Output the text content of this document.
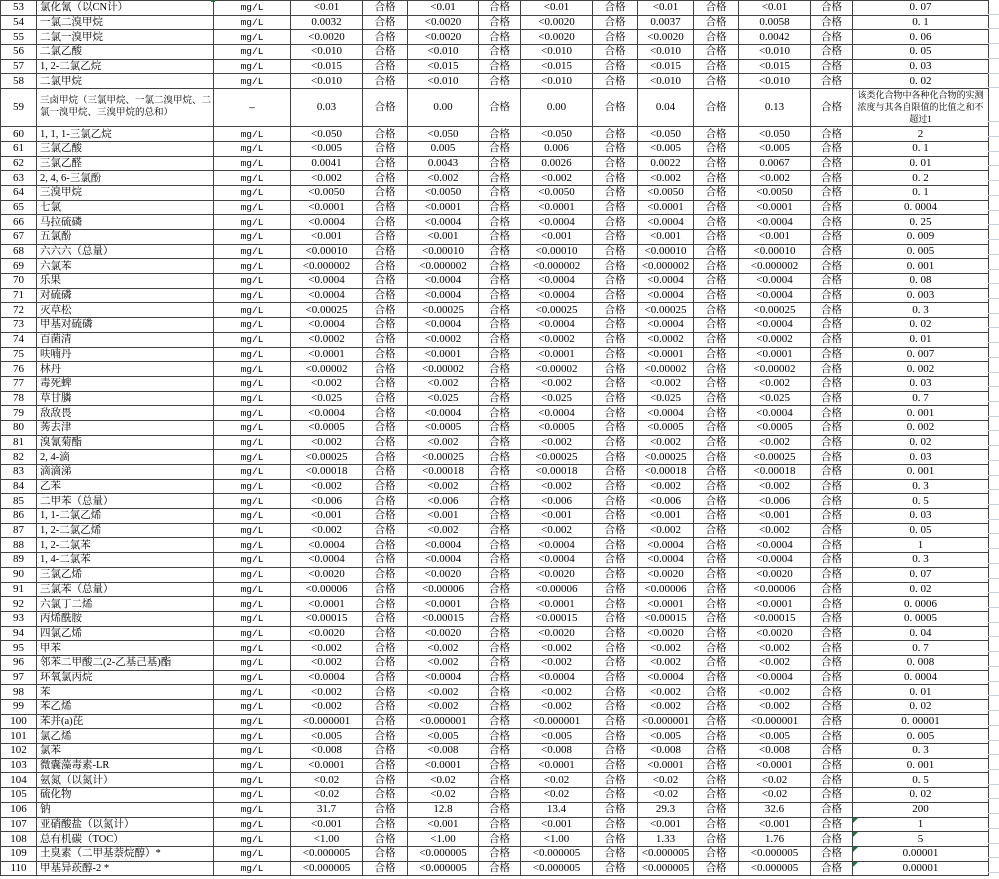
53	氯化氰（以CN计）	mg/L	<0.01	合格	<0.01	合格	<0.01	合格	<0.01	合格	<0.01	合格	0. 07
54	一氯二溴甲烷	mg/L	0.0032	合格	<0.0020	合格	<0.0020	合格	0.0037	合格	0.0058	合格	0. 1
55	二氯一溴甲烷	mg/L	<0.0020	合格	<0.0020	合格	<0.0020	合格	<0.0020	合格	0.0042	合格	0. 06
56	二氯乙酸	mg/L	<0.010	合格	<0.010	合格	<0.010	合格	<0.010	合格	<0.010	合格	0. 05
57	1, 2-二氯乙烷	mg/L	<0.015	合格	<0.015	合格	<0.015	合格	<0.015	合格	<0.015	合格	0. 03
58	二氯甲烷	mg/L	<0.010	合格	<0.010	合格	<0.010	合格	<0.010	合格	<0.010	合格	0. 02
59	三卤甲烷（三氯甲烷、一氯二溴甲烷、二氯一溴甲烷、三溴甲烷的总和）	—	0.03	合格	0.00	合格	0.00	合格	0.04	合格	0.13	合格	该类化合物中各种化合物的实测浓度与其各自限值的比值之和不超过1
60	1, 1, 1-三氯乙烷	mg/L	<0.050	合格	<0.050	合格	<0.050	合格	<0.050	合格	<0.050	合格	2
61	三氯乙酸	mg/L	<0.005	合格	0.005	合格	0.006	合格	<0.005	合格	<0.005	合格	0. 1
62	三氯乙醛	mg/L	0.0041	合格	0.0043	合格	0.0026	合格	0.0022	合格	0.0067	合格	0. 01
63	2, 4, 6-三氯酚	mg/L	<0.002	合格	<0.002	合格	<0.002	合格	<0.002	合格	<0.002	合格	0. 2
64	三溴甲烷	mg/L	<0.0050	合格	<0.0050	合格	<0.0050	合格	<0.0050	合格	<0.0050	合格	0. 1
65	七氯	mg/L	<0.0001	合格	<0.0001	合格	<0.0001	合格	<0.0001	合格	<0.0001	合格	0. 0004
66	马拉硫磷	mg/L	<0.0004	合格	<0.0004	合格	<0.0004	合格	<0.0004	合格	<0.0004	合格	0. 25
67	五氯酚	mg/L	<0.001	合格	<0.001	合格	<0.001	合格	<0.001	合格	<0.001	合格	0. 009
68	六六六（总量）	mg/L	<0.00010	合格	<0.00010	合格	<0.00010	合格	<0.00010	合格	<0.00010	合格	0. 005
69	六氯苯	mg/L	<0.000002	合格	<0.000002	合格	<0.000002	合格	<0.000002	合格	<0.000002	合格	0. 001
70	乐果	mg/L	<0.0004	合格	<0.0004	合格	<0.0004	合格	<0.0004	合格	<0.0004	合格	0. 08
71	对硫磷	mg/L	<0.0004	合格	<0.0004	合格	<0.0004	合格	<0.0004	合格	<0.0004	合格	0. 003
72	灭草松	mg/L	<0.00025	合格	<0.00025	合格	<0.00025	合格	<0.00025	合格	<0.00025	合格	0. 3
73	甲基对硫磷	mg/L	<0.0004	合格	<0.0004	合格	<0.0004	合格	<0.0004	合格	<0.0004	合格	0. 02
74	百菌清	mg/L	<0.0002	合格	<0.0002	合格	<0.0002	合格	<0.0002	合格	<0.0002	合格	0. 01
75	呋喃丹	mg/L	<0.0001	合格	<0.0001	合格	<0.0001	合格	<0.0001	合格	<0.0001	合格	0. 007
76	林丹	mg/L	<0.00002	合格	<0.00002	合格	<0.00002	合格	<0.00002	合格	<0.00002	合格	0. 002
77	毒死蜱	mg/L	<0.002	合格	<0.002	合格	<0.002	合格	<0.002	合格	<0.002	合格	0. 03
78	草甘膦	mg/L	<0.025	合格	<0.025	合格	<0.025	合格	<0.025	合格	<0.025	合格	0. 7
79	敌敌畏	mg/L	<0.0004	合格	<0.0004	合格	<0.0004	合格	<0.0004	合格	<0.0004	合格	0. 001
80	莠去津	mg/L	<0.0005	合格	<0.0005	合格	<0.0005	合格	<0.0005	合格	<0.0005	合格	0. 002
81	溴氰菊酯	mg/L	<0.002	合格	<0.002	合格	<0.002	合格	<0.002	合格	<0.002	合格	0. 02
82	2, 4-滴	mg/L	<0.00025	合格	<0.00025	合格	<0.00025	合格	<0.00025	合格	<0.00025	合格	0. 03
83	滴滴涕	mg/L	<0.00018	合格	<0.00018	合格	<0.00018	合格	<0.00018	合格	<0.00018	合格	0. 001
84	乙苯	mg/L	<0.002	合格	<0.002	合格	<0.002	合格	<0.002	合格	<0.002	合格	0. 3
85	二甲苯（总量）	mg/L	<0.006	合格	<0.006	合格	<0.006	合格	<0.006	合格	<0.006	合格	0. 5
86	1, 1-二氯乙烯	mg/L	<0.001	合格	<0.001	合格	<0.001	合格	<0.001	合格	<0.001	合格	0. 03
87	1, 2-二氯乙烯	mg/L	<0.002	合格	<0.002	合格	<0.002	合格	<0.002	合格	<0.002	合格	0. 05
88	1, 2-二氯苯	mg/L	<0.0004	合格	<0.0004	合格	<0.0004	合格	<0.0004	合格	<0.0004	合格	1
89	1, 4-二氯苯	mg/L	<0.0004	合格	<0.0004	合格	<0.0004	合格	<0.0004	合格	<0.0004	合格	0. 3
90	三氯乙烯	mg/L	<0.0020	合格	<0.0020	合格	<0.0020	合格	<0.0020	合格	<0.0020	合格	0. 07
91	三氯苯（总量）	mg/L	<0.00006	合格	<0.00006	合格	<0.00006	合格	<0.00006	合格	<0.00006	合格	0. 02
92	六氯丁二烯	mg/L	<0.0001	合格	<0.0001	合格	<0.0001	合格	<0.0001	合格	<0.0001	合格	0. 0006
93	丙烯酰胺	mg/L	<0.00015	合格	<0.00015	合格	<0.00015	合格	<0.00015	合格	<0.00015	合格	0. 0005
94	四氯乙烯	mg/L	<0.0020	合格	<0.0020	合格	<0.0020	合格	<0.0020	合格	<0.0020	合格	0. 04
95	甲苯	mg/L	<0.002	合格	<0.002	合格	<0.002	合格	<0.002	合格	<0.002	合格	0. 7
96	邻苯二甲酸二(2-乙基己基)酯	mg/L	<0.002	合格	<0.002	合格	<0.002	合格	<0.002	合格	<0.002	合格	0. 008
97	环氧氯丙烷	mg/L	<0.0004	合格	<0.0004	合格	<0.0004	合格	<0.0004	合格	<0.0004	合格	0. 0004
98	苯	mg/L	<0.002	合格	<0.002	合格	<0.002	合格	<0.002	合格	<0.002	合格	0. 01
99	苯乙烯	mg/L	<0.002	合格	<0.002	合格	<0.002	合格	<0.002	合格	<0.002	合格	0. 02
100	苯并(a)芘	mg/L	<0.000001	合格	<0.000001	合格	<0.000001	合格	<0.000001	合格	<0.000001	合格	0. 00001
101	氯乙烯	mg/L	<0.005	合格	<0.005	合格	<0.005	合格	<0.005	合格	<0.005	合格	0. 005
102	氯苯	mg/L	<0.008	合格	<0.008	合格	<0.008	合格	<0.008	合格	<0.008	合格	0. 3
103	微囊藻毒素-LR	mg/L	<0.0001	合格	<0.0001	合格	<0.0001	合格	<0.0001	合格	<0.0001	合格	0. 001
104	氨氮（以氮计）	mg/L	<0.02	合格	<0.02	合格	<0.02	合格	<0.02	合格	<0.02	合格	0. 5
105	硫化物	mg/L	<0.02	合格	<0.02	合格	<0.02	合格	<0.02	合格	<0.02	合格	0. 02
106	钠	mg/L	31.7	合格	12.8	合格	13.4	合格	29.3	合格	32.6	合格	200
107	亚硝酸盐（以氮计）	mg/L	<0.001	合格	<0.001	合格	<0.001	合格	<0.001	合格	<0.001	合格	1
108	总有机碳（TOC）	mg/L	<1.00	合格	<1.00	合格	<1.00	合格	1.33	合格	1.76	合格	5
109	土臭素（二甲基萘烷醇）*	mg/L	<0.000005	合格	<0.000005	合格	<0.000005	合格	<0.000005	合格	<0.000005	合格	0.00001
110	甲基异莰醇-2 *	mg/L	<0.000005	合格	<0.000005	合格	<0.000005	合格	<0.000005	合格	<0.000005	合格	0.00001
